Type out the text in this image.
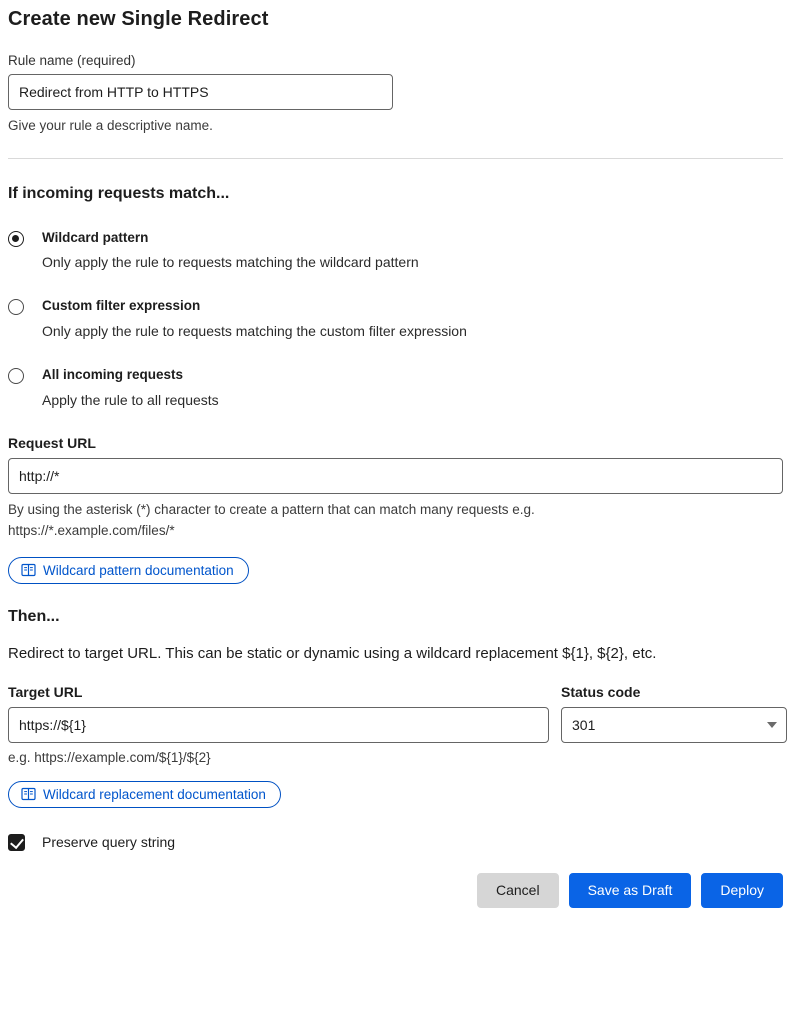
Create new Single Redirect
Rule name (required)
Redirect from HTTP to HTTPS
Give your rule a descriptive name.
If incoming requests match...
Wildcard pattern
Only apply the rule to requests matching the wildcard pattern
Custom filter expression
Only apply the rule to requests matching the custom filter expression
All incoming requests
Apply the rule to all requests
Request URL
http://*
By using the asterisk (*) character to create a pattern that can match many requests e.g.
https://*.example.com/files/*
Wildcard pattern documentation
Then...
Redirect to target URL. This can be static or dynamic using a wildcard replacement ${1}, ${2}, etc.
Target URL
https://${1}	Status code
301
e.g. https://example.com/${1}/${2}
Wildcard replacement documentation
Preserve query string
Cancel	Save as Draft	Deploy
